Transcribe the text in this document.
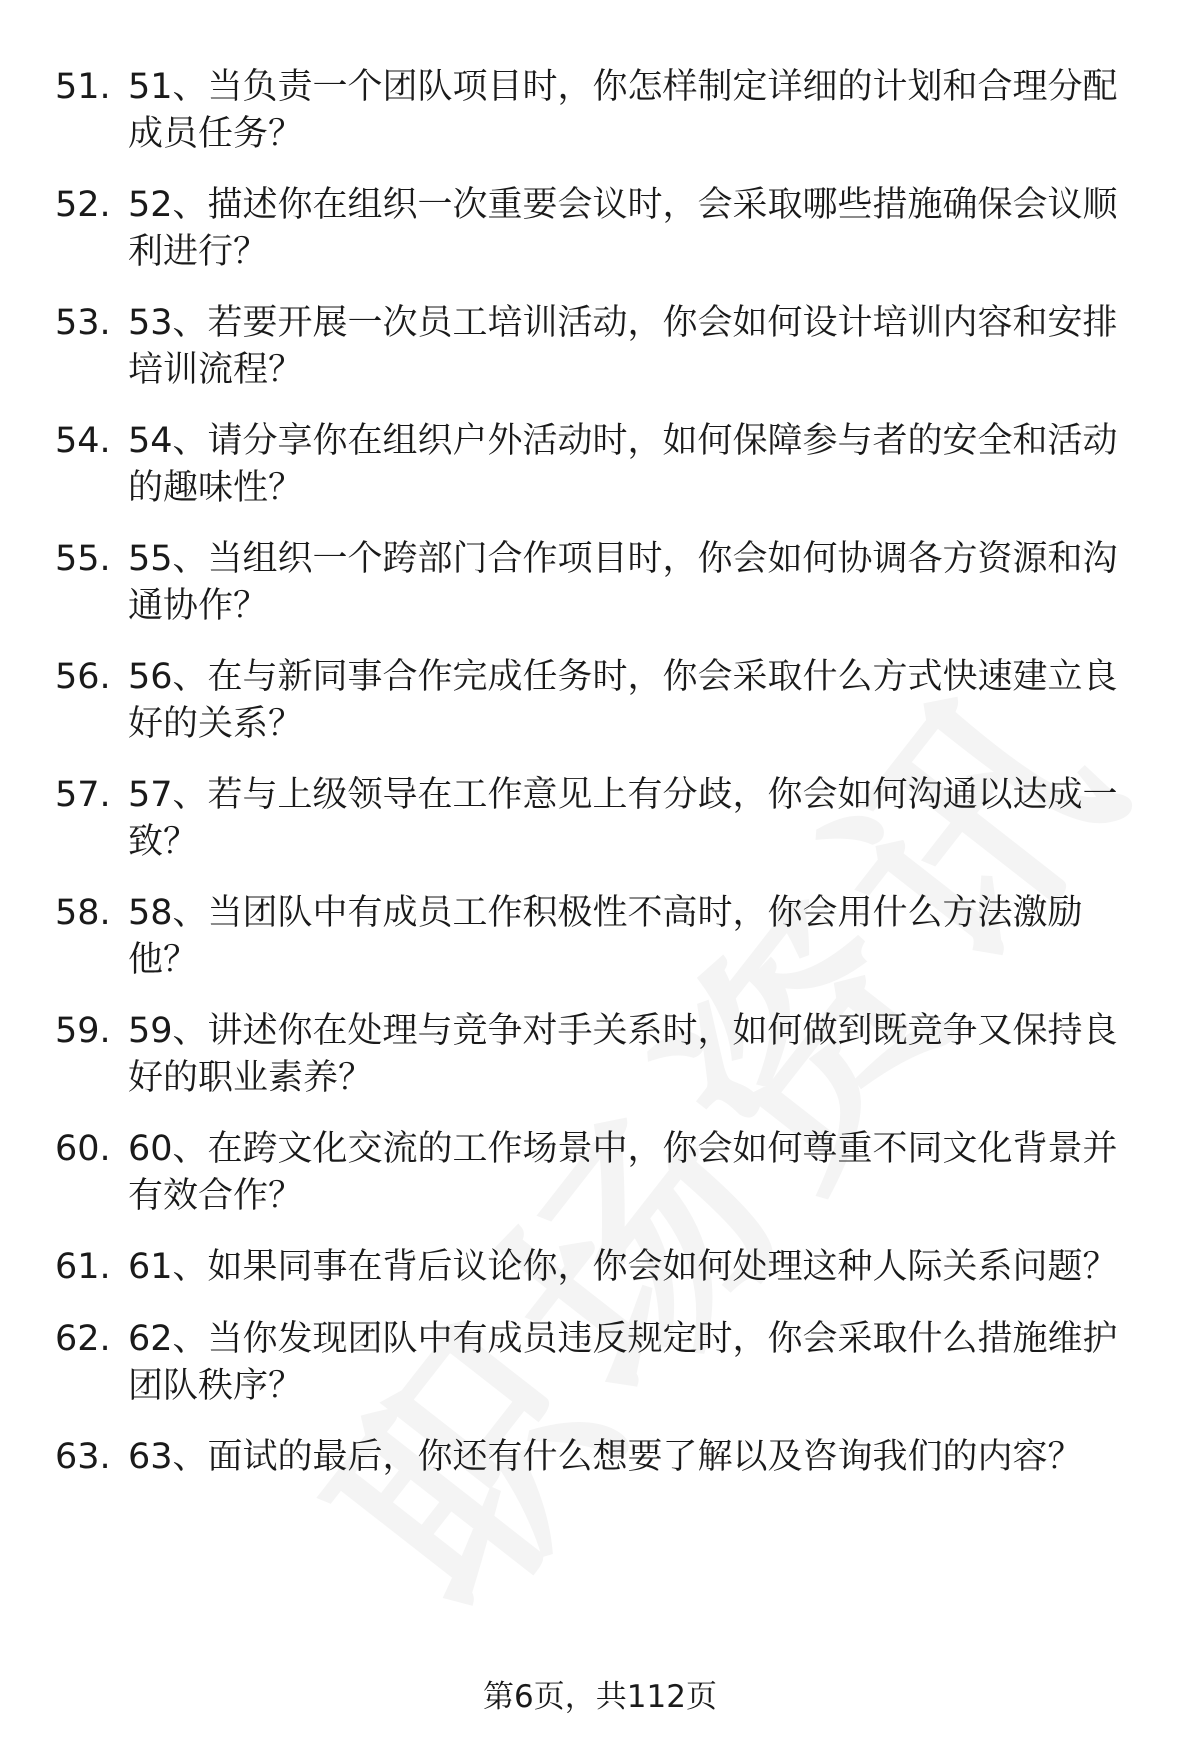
51. 51、当负责一个团队项目时，你怎样制定详细的计划和合理分配成员任务？
52. 52、描述你在组织一次重要会议时，会采取哪些措施确保会议顺利进行？
53. 53、若要开展一次员工培训活动，你会如何设计培训内容和安排培训流程？
54. 54、请分享你在组织户外活动时，如何保障参与者的安全和活动的趣味性？
55. 55、当组织一个跨部门合作项目时，你会如何协调各方资源和沟通协作？
56. 56、在与新同事合作完成任务时，你会采取什么方式快速建立良好的关系？
57. 57、若与上级领导在工作意见上有分歧，你会如何沟通以达成一致？
58. 58、当团队中有成员工作积极性不高时，你会用什么方法激励他？
59. 59、讲述你在处理与竞争对手关系时，如何做到既竞争又保持良好的职业素养？
60. 60、在跨文化交流的工作场景中，你会如何尊重不同文化背景并有效合作？
61. 61、如果同事在背后议论你，你会如何处理这种人际关系问题？
62. 62、当你发现团队中有成员违反规定时，你会采取什么措施维护团队秩序？
63. 63、面试的最后，你还有什么想要了解以及咨询我们的内容？
第6页，共112页
